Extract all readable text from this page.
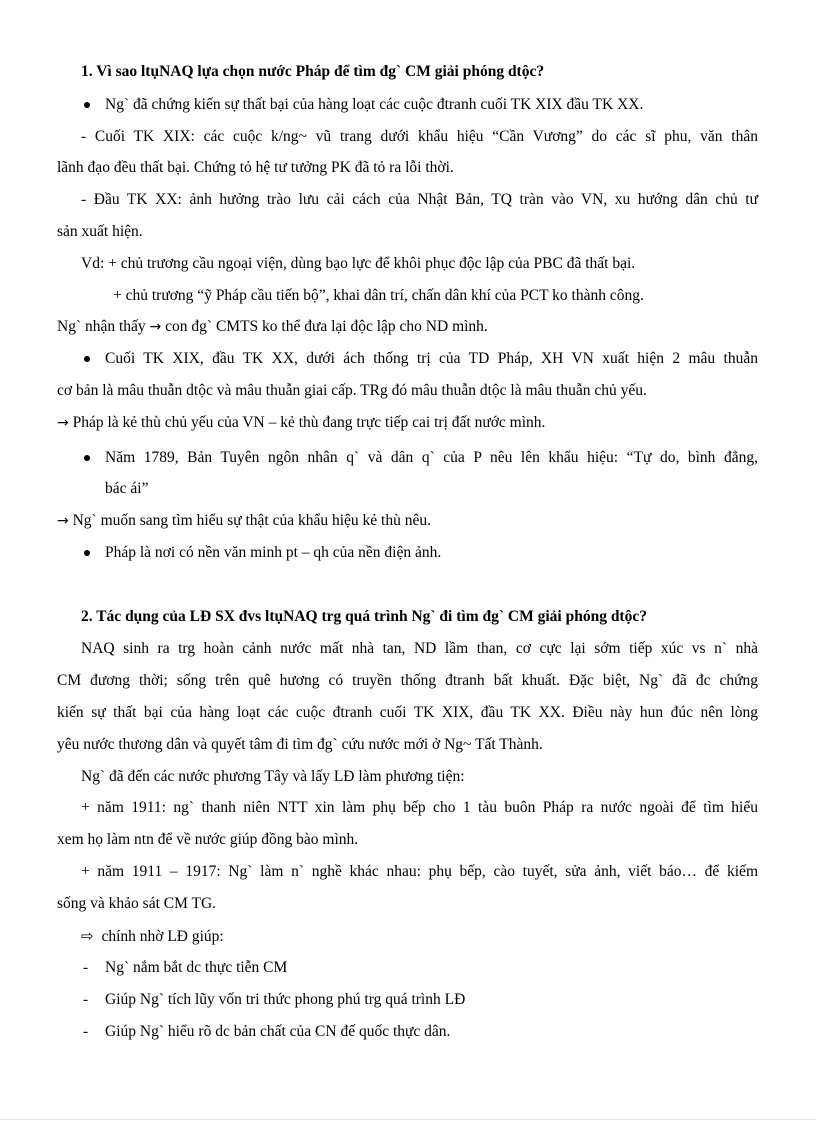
1. Vì sao ltụNAQ lựa chọn nước Pháp để tìm đg` CM giải phóng dtộc?
Ng` đã chứng kiến sự thất bại của hàng loạt các cuộc đtranh cuối TK XIX đầu TK XX.
- Cuối TK XIX: các cuộc k/ng~ vũ trang dưới khẩu hiệu “Cần Vương” do các sĩ phu, văn thân
lãnh đạo đều thất bại. Chứng tỏ hệ tư tưởng PK đã tỏ ra lỗi thời.
- Đầu TK XX: ảnh hưởng trào lưu cải cách của Nhật Bản, TQ tràn vào VN, xu hướng dân chủ tư
sản xuất hiện.
Vd: + chủ trương cầu ngoại viện, dùng bạo lực để khôi phục độc lập của PBC đã thất bại.
+ chủ trương “ỹ Pháp cầu tiến bộ”, khai dân trí, chấn dân khí của PCT ko thành công.
Ng` nhận thấy → con đg` CMTS ko thể đưa lại độc lập cho ND mình.
Cuối TK XIX, đầu TK XX, dưới ách thống trị của TD Pháp, XH VN xuất hiện 2 mâu thuẫn
cơ bản là mâu thuẫn dtộc và mâu thuẫn giai cấp. TRg đó mâu thuẫn dtộc là mâu thuẫn chủ yếu.
→ Pháp là kẻ thù chủ yếu của VN – kẻ thù đang trực tiếp cai trị đất nước mình.
Năm 1789, Bản Tuyên ngôn nhân q` và dân q` của P nêu lên khẩu hiệu: “Tự do, bình đẳng,
bác ái”
→ Ng` muốn sang tìm hiểu sự thật của khẩu hiệu kẻ thù nêu.
Pháp là nơi có nền văn minh pt – qh của nền điện ảnh.
2. Tác dụng của LĐ SX đvs ltụNAQ trg quá trình Ng` đi tìm đg` CM giải phóng dtộc?
NAQ sinh ra trg hoàn cảnh nước mất nhà tan, ND lầm than, cơ cực lại sớm tiếp xúc vs n` nhà
CM đương thời; sống trên quê hương có truyền thống đtranh bất khuất. Đặc biệt, Ng` đã đc chứng
kiến sự thất bại của hàng loạt các cuộc đtranh cuối TK XIX, đầu TK XX. Điều này hun đúc nên lòng
yêu nước thương dân và quyết tâm đi tìm đg` cứu nước mới ở Ng~ Tất Thành.
Ng` đã đến các nước phương Tây và lấy LĐ làm phương tiện:
+ năm 1911: ng` thanh niên NTT xin làm phụ bếp cho 1 tàu buôn Pháp ra nước ngoài để tìm hiểu
xem họ làm ntn để về nước giúp đồng bào mình.
+ năm 1911 – 1917: Ng` làm n` nghề khác nhau: phụ bếp, cào tuyết, sửa ảnh, viết báo… để kiếm
sống và khảo sát CM TG.
⇨ chính nhờ LĐ giúp:
- Ng` nắm bắt dc thực tiễn CM
- Giúp Ng` tích lũy vốn tri thức phong phú trg quá trình LĐ
- Giúp Ng` hiểu rõ dc bản chất của CN đế quốc thực dân.
